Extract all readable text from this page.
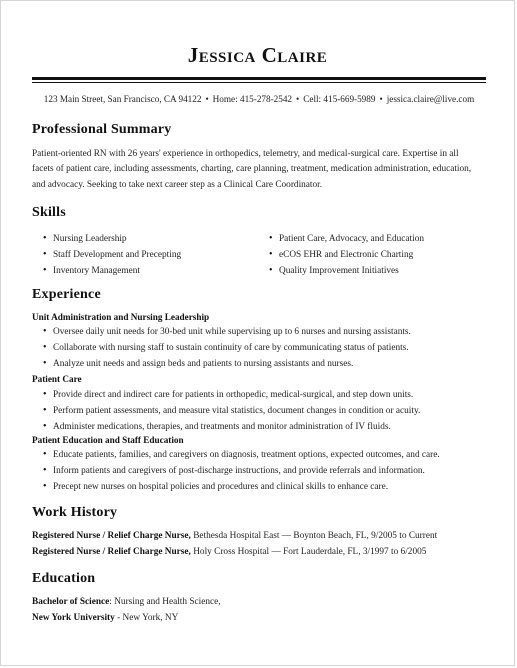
Jessica Claire
123 Main Street, San Francisco, CA 94122 • Home: 415-278-2542 • Cell: 415-669-5989 • jessica.claire@live.com
Professional Summary

Patient-oriented RN with 26 years' experience in orthopedics, telemetry, and medical-surgical care. Expertise in all facets of patient care, including assessments, charting, care planning, treatment, medication administration, education, and advocacy. Seeking to take next career step as a Clinical Care Coordinator.

Skills
• Nursing Leadership	• Patient Care, Advocacy, and Education
• Staff Development and Precepting	• eCOS EHR and Electronic Charting
• Inventory Management	• Quality Improvement Initiatives
Experience
Unit Administration and Nursing Leadership
• Oversee daily unit needs for 30-bed unit while supervising up to 6 nurses and nursing assistants.
• Collaborate with nursing staff to sustain continuity of care by communicating status of patients.
• Analyze unit needs and assign beds and patients to nursing assistants and nurses.
Patient Care
• Provide direct and indirect care for patients in orthopedic, medical-surgical, and step down units.
• Perform patient assessments, and measure vital statistics, document changes in condition or acuity.
• Administer medications, therapies, and treatments and monitor administration of IV fluids.
Patient Education and Staff Education
• Educate patients, families, and caregivers on diagnosis, treatment options, expected outcomes, and care.
• Inform patients and caregivers of post-discharge instructions, and provide referrals and information.
• Precept new nurses on hospital policies and procedures and clinical skills to enhance care.
Work History
Registered Nurse / Relief Charge Nurse, Bethesda Hospital East — Boynton Beach, FL, 9/2005 to Current
Registered Nurse / Relief Charge Nurse, Holy Cross Hospital — Fort Lauderdale, FL, 3/1997 to 6/2005
Education
Bachelor of Science: Nursing and Health Science,
New York University - New York, NY
